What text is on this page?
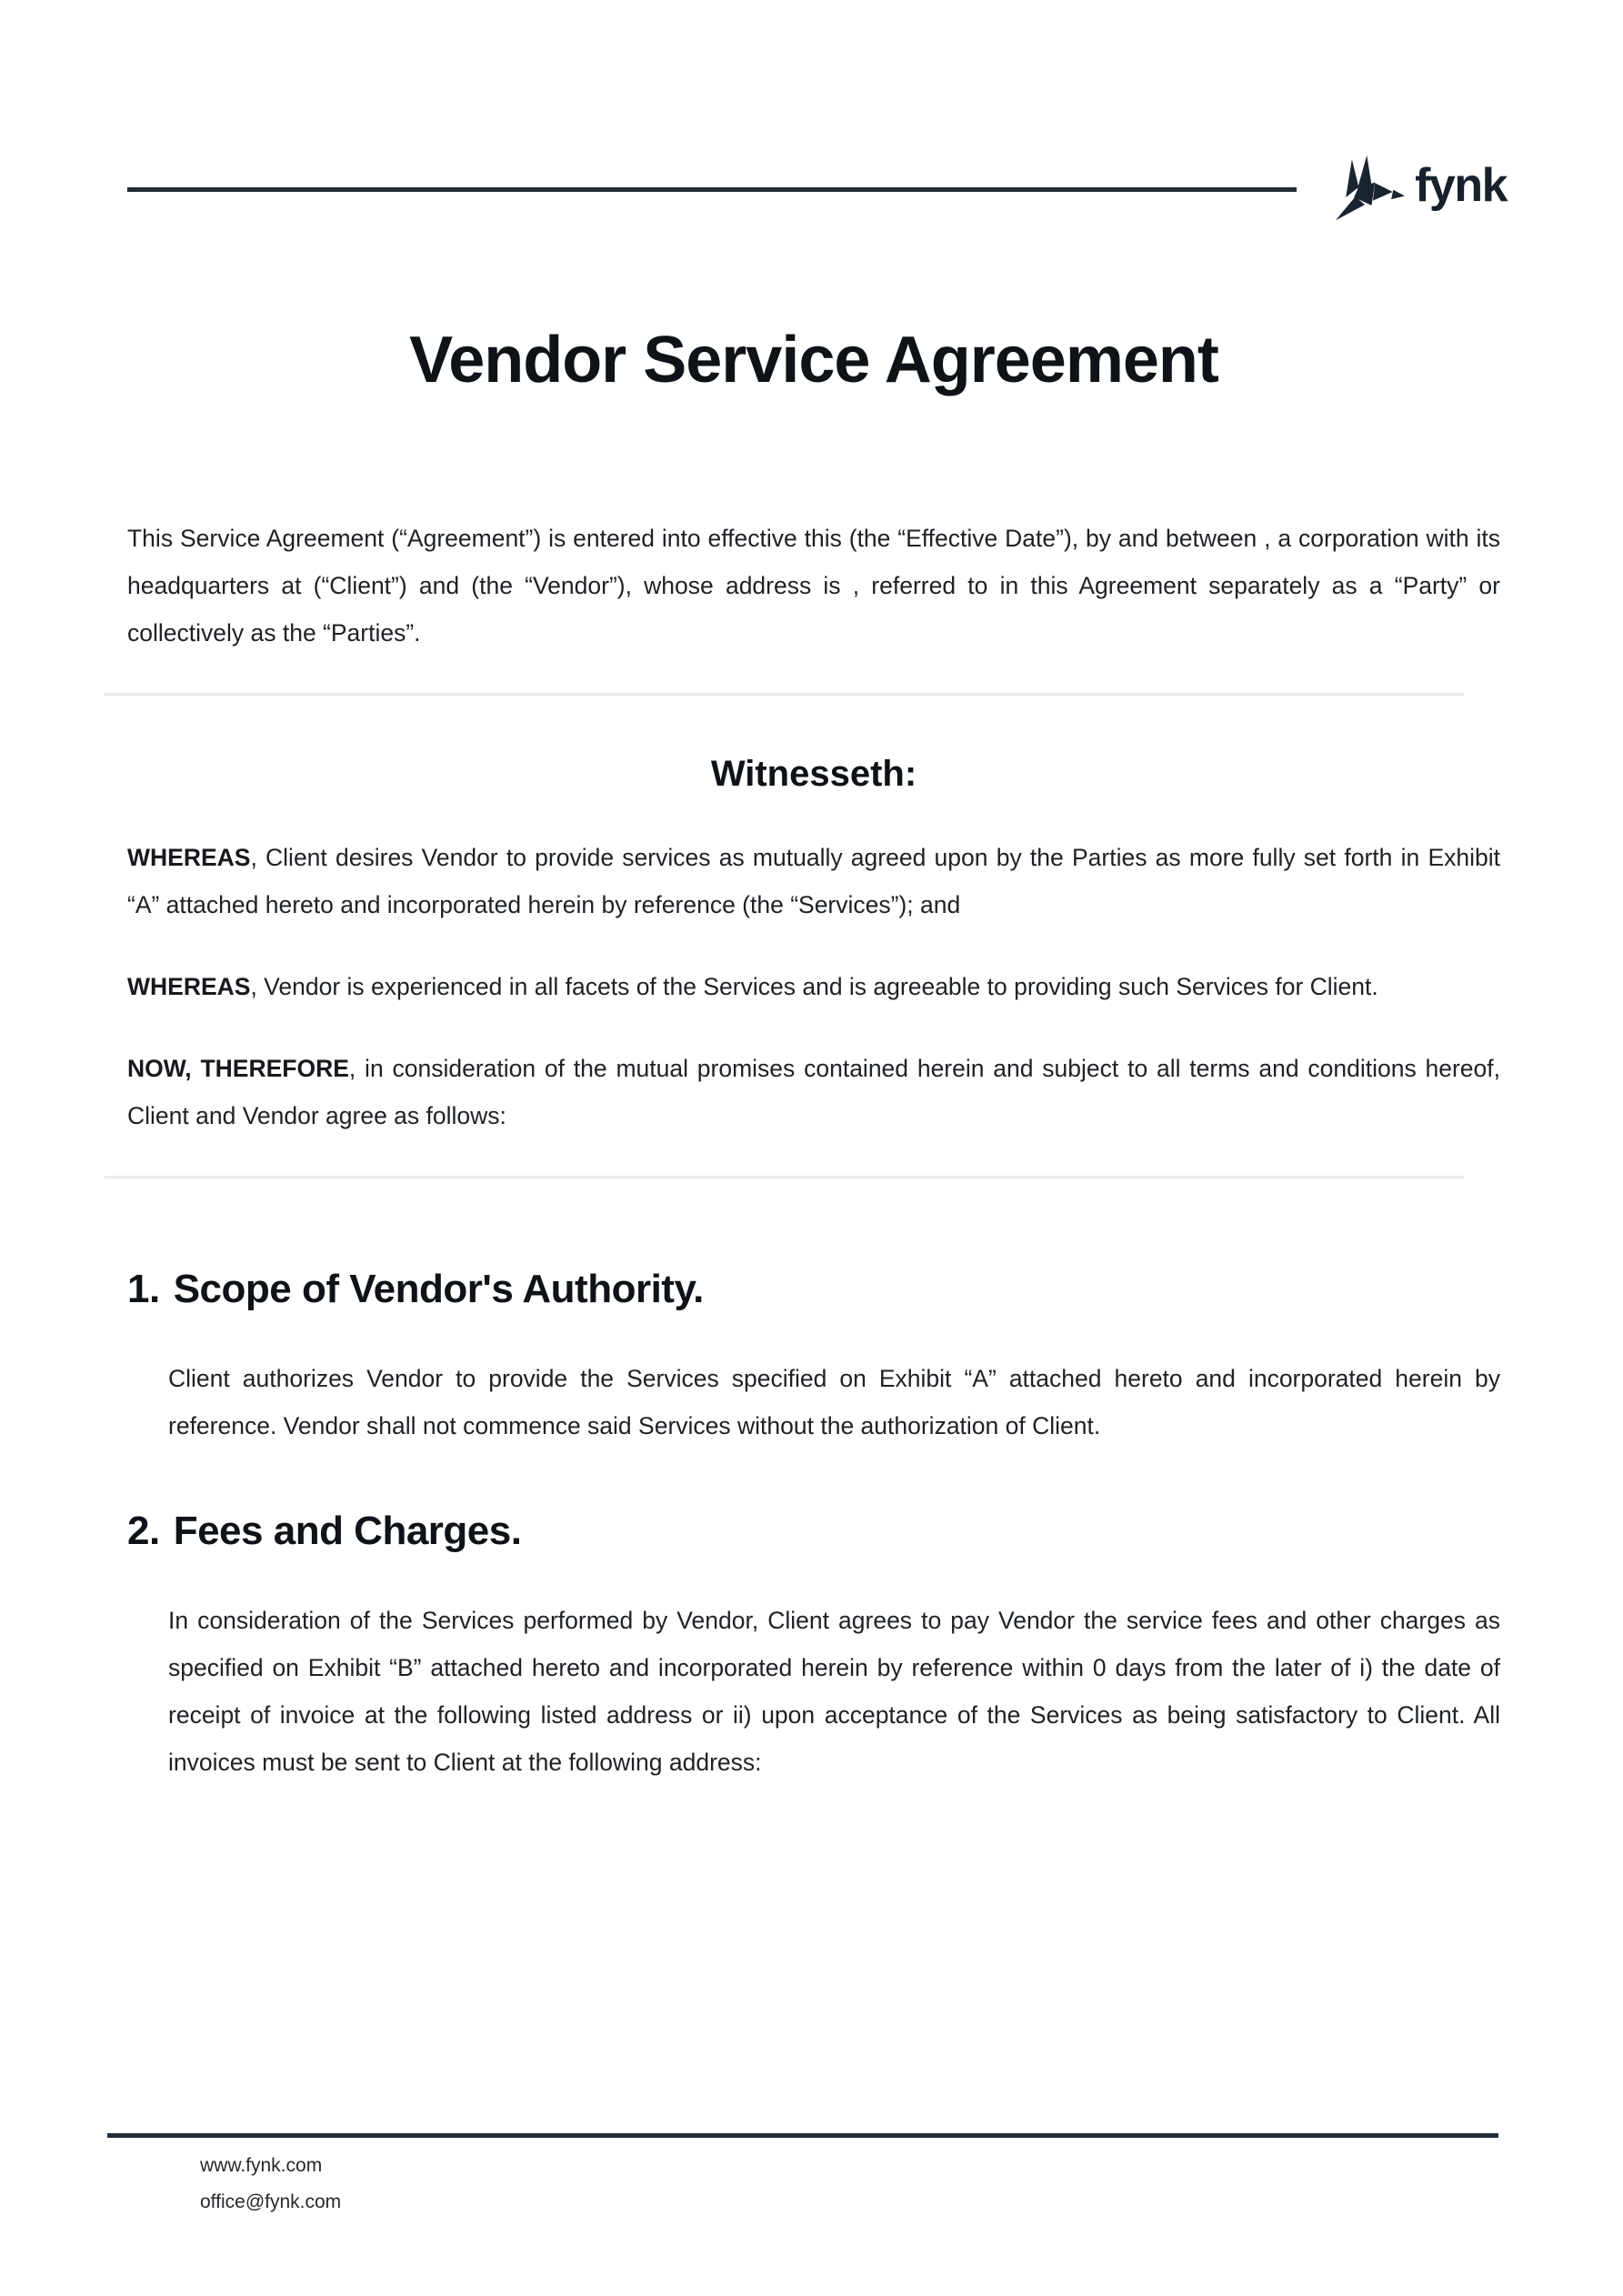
fynk
Vendor Service Agreement

This Service Agreement (“Agreement”) is entered into effective this (the “Effective Date”), by and between , a corporation with its headquarters at (“Client”) and (the “Vendor”), whose address is , referred to in this Agreement separately as a “Party” or collectively as the “Parties”.

Witnesseth:

WHEREAS, Client desires Vendor to provide services as mutually agreed upon by the Parties as more fully set forth in Exhibit “A” attached hereto and incorporated herein by reference (the “Services”); and

WHEREAS, Vendor is experienced in all facets of the Services and is agreeable to providing such Services for Client.

NOW, THEREFORE, in consideration of the mutual promises contained herein and subject to all terms and conditions hereof, Client and Vendor agree as follows:

1. Scope of Vendor's Authority.

Client authorizes Vendor to provide the Services specified on Exhibit “A” attached hereto and incorporated herein by reference. Vendor shall not commence said Services without the authorization of Client.

2. Fees and Charges.

In consideration of the Services performed by Vendor, Client agrees to pay Vendor the service fees and other charges as specified on Exhibit “B” attached hereto and incorporated herein by reference within 0 days from the later of i) the date of receipt of invoice at the following listed address or ii) upon acceptance of the Services as being satisfactory to Client. All invoices must be sent to Client at the following address:

www.fynk.com
office@fynk.com
